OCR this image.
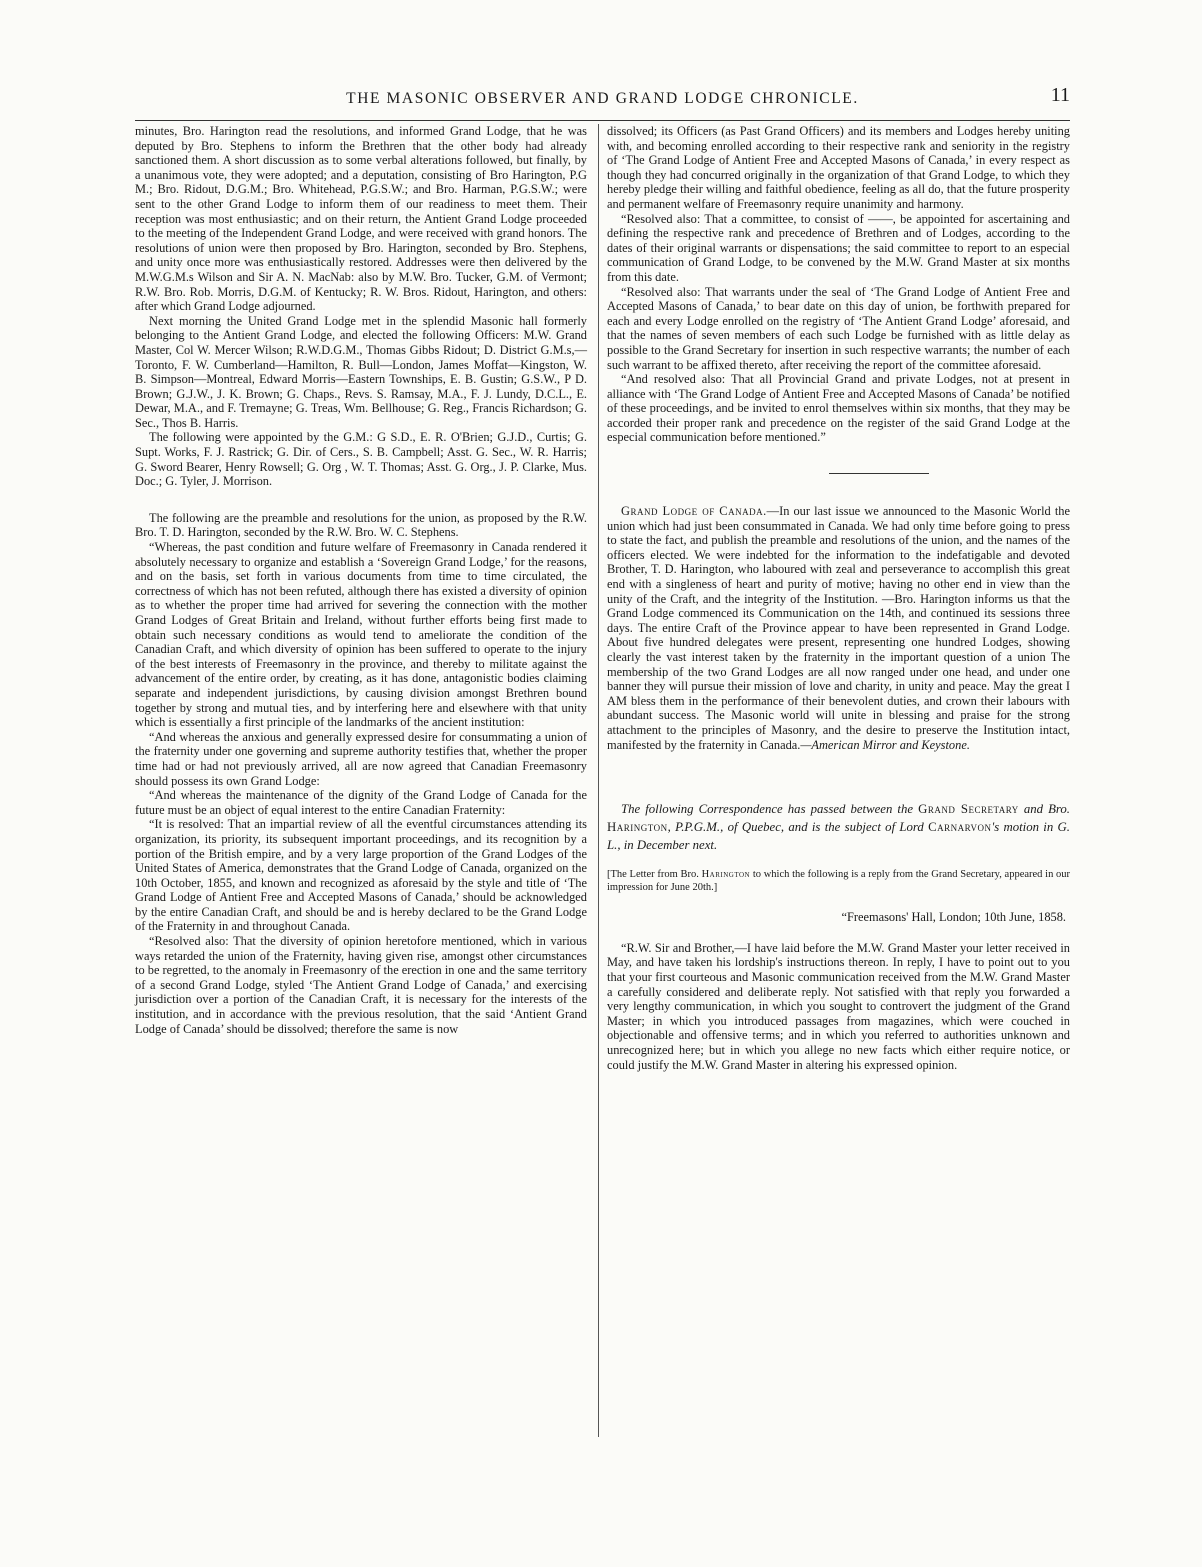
THE MASONIC OBSERVER AND GRAND LODGE CHRONICLE.	11

minutes, Bro. Harington read the resolutions, and informed Grand Lodge, that he was deputed by Bro. Stephens to inform the Brethren that the other body had already sanctioned them. A short discussion as to some verbal alterations followed, but finally, by a unanimous vote, they were adopted; and a deputation, consisting of Bro Harington, P.G M.; Bro. Ridout, D.G.M.; Bro. Whitehead, P.G.S.W.; and Bro. Harman, P.G.S.W.; were sent to the other Grand Lodge to inform them of our readiness to meet them. Their reception was most enthusiastic; and on their return, the Antient Grand Lodge proceeded to the meeting of the Independent Grand Lodge, and were received with grand honors. The resolutions of union were then proposed by Bro. Harington, seconded by Bro. Stephens, and unity once more was enthusiastically restored. Addresses were then delivered by the M.W.G.M.s Wilson and Sir A. N. MacNab: also by M.W. Bro. Tucker, G.M. of Vermont; R.W. Bro. Rob. Morris, D.G.M. of Kentucky; R. W. Bros. Ridout, Harington, and others: after which Grand Lodge adjourned.

Next morning the United Grand Lodge met in the splendid Masonic hall formerly belonging to the Antient Grand Lodge, and elected the following Officers: M.W. Grand Master, Col W. Mercer Wilson; R.W.D.G.M., Thomas Gibbs Ridout; D. District G.M.s,—Toronto, F. W. Cumberland—Hamilton, R. Bull—London, James Moffat—Kingston, W. B. Simpson—Montreal, Edward Morris—Eastern Townships, E. B. Gustin; G.S.W., P D. Brown; G.J.W., J. K. Brown; G. Chaps., Revs. S. Ramsay, M.A., F. J. Lundy, D.C.L., E. Dewar, M.A., and F. Tremayne; G. Treas, Wm. Bellhouse; G. Reg., Francis Richardson; G. Sec., Thos B. Harris.

The following were appointed by the G.M.: G S.D., E. R. O'Brien; G.J.D., Curtis; G. Supt. Works, F. J. Rastrick; G. Dir. of Cers., S. B. Campbell; Asst. G. Sec., W. R. Harris; G. Sword Bearer, Henry Rowsell; G. Org , W. T. Thomas; Asst. G. Org., J. P. Clarke, Mus. Doc.; G. Tyler, J. Morrison.

The following are the preamble and resolutions for the union, as proposed by the R.W. Bro. T. D. Harington, seconded by the R.W. Bro. W. C. Stephens.

“Whereas, the past condition and future welfare of Freemasonry in Canada rendered it absolutely necessary to organize and establish a ‘Sovereign Grand Lodge,’ for the reasons, and on the basis, set forth in various documents from time to time circulated, the correctness of which has not been refuted, although there has existed a diversity of opinion as to whether the proper time had arrived for severing the connection with the mother Grand Lodges of Great Britain and Ireland, without further efforts being first made to obtain such necessary conditions as would tend to ameliorate the condition of the Canadian Craft, and which diversity of opinion has been suffered to operate to the injury of the best interests of Freemasonry in the province, and thereby to militate against the advancement of the entire order, by creating, as it has done, antagonistic bodies claiming separate and independent jurisdictions, by causing division amongst Brethren bound together by strong and mutual ties, and by interfering here and elsewhere with that unity which is essentially a first principle of the landmarks of the ancient institution:

“And whereas the anxious and generally expressed desire for consummating a union of the fraternity under one governing and supreme authority testifies that, whether the proper time had or had not previously arrived, all are now agreed that Canadian Freemasonry should possess its own Grand Lodge:

“And whereas the maintenance of the dignity of the Grand Lodge of Canada for the future must be an object of equal interest to the entire Canadian Fraternity:

“It is resolved: That an impartial review of all the eventful circumstances attending its organization, its priority, its subsequent important proceedings, and its recognition by a portion of the British empire, and by a very large proportion of the Grand Lodges of the United States of America, demonstrates that the Grand Lodge of Canada, organized on the 10th October, 1855, and known and recognized as aforesaid by the style and title of ‘The Grand Lodge of Antient Free and Accepted Masons of Canada,’ should be acknowledged by the entire Canadian Craft, and should be and is hereby declared to be the Grand Lodge of the Fraternity in and throughout Canada.

“Resolved also: That the diversity of opinion heretofore mentioned, which in various ways retarded the union of the Fraternity, having given rise, amongst other circumstances to be regretted, to the anomaly in Freemasonry of the erection in one and the same territory of a second Grand Lodge, styled ‘The Antient Grand Lodge of Canada,’ and exercising jurisdiction over a portion of the Canadian Craft, it is necessary for the interests of the institution, and in accordance with the previous resolution, that the said ‘Antient Grand Lodge of Canada’ should be dissolved; therefore the same is now

dissolved; its Officers (as Past Grand Officers) and its members and Lodges hereby uniting with, and becoming enrolled according to their respective rank and seniority in the registry of ‘The Grand Lodge of Antient Free and Accepted Masons of Canada,’ in every respect as though they had concurred originally in the organization of that Grand Lodge, to which they hereby pledge their willing and faithful obedience, feeling as all do, that the future prosperity and permanent welfare of Freemasonry require unanimity and harmony.

“Resolved also: That a committee, to consist of ——, be appointed for ascertaining and defining the respective rank and precedence of Brethren and of Lodges, according to the dates of their original warrants or dispensations; the said committee to report to an especial communication of Grand Lodge, to be convened by the M.W. Grand Master at six months from this date.

“Resolved also: That warrants under the seal of ‘The Grand Lodge of Antient Free and Accepted Masons of Canada,’ to bear date on this day of union, be forthwith prepared for each and every Lodge enrolled on the registry of ‘The Antient Grand Lodge’ aforesaid, and that the names of seven members of each such Lodge be furnished with as little delay as possible to the Grand Secretary for insertion in such respective warrants; the number of each such warrant to be affixed thereto, after receiving the report of the committee aforesaid.

“And resolved also: That all Provincial Grand and private Lodges, not at present in alliance with ‘The Grand Lodge of Antient Free and Accepted Masons of Canada’ be notified of these proceedings, and be invited to enrol themselves within six months, that they may be accorded their proper rank and precedence on the register of the said Grand Lodge at the especial communication before mentioned.”

Grand Lodge of Canada.—In our last issue we announced to the Masonic World the union which had just been consummated in Canada. We had only time before going to press to state the fact, and publish the preamble and resolutions of the union, and the names of the officers elected. We were indebted for the information to the indefatigable and devoted Brother, T. D. Harington, who laboured with zeal and perseverance to accomplish this great end with a singleness of heart and purity of motive; having no other end in view than the unity of the Craft, and the integrity of the Institution. —Bro. Harington informs us that the Grand Lodge commenced its Communication on the 14th, and continued its sessions three days. The entire Craft of the Province appear to have been represented in Grand Lodge. About five hundred delegates were present, representing one hundred Lodges, showing clearly the vast interest taken by the fraternity in the important question of a union The membership of the two Grand Lodges are all now ranged under one head, and under one banner they will pursue their mission of love and charity, in unity and peace. May the great I AM bless them in the performance of their benevolent duties, and crown their labours with abundant success. The Masonic world will unite in blessing and praise for the strong attachment to the principles of Masonry, and the desire to preserve the Institution intact, manifested by the fraternity in Canada.—American Mirror and Keystone.

The following Correspondence has passed between the Grand Secretary and Bro. Harington, P.P.G.M., of Quebec, and is the subject of Lord Carnarvon's motion in G. L., in December next.

[The Letter from Bro. Harington to which the following is a reply from the Grand Secretary, appeared in our impression for June 20th.]

“Freemasons' Hall, London; 10th June, 1858.

“R.W. Sir and Brother,—I have laid before the M.W. Grand Master your letter received in May, and have taken his lordship's instructions thereon. In reply, I have to point out to you that your first courteous and Masonic communication received from the M.W. Grand Master a carefully considered and deliberate reply. Not satisfied with that reply you forwarded a very lengthy communication, in which you sought to controvert the judgment of the Grand Master; in which you introduced passages from magazines, which were couched in objectionable and offensive terms; and in which you referred to authorities unknown and unrecognized here; but in which you allege no new facts which either require notice, or could justify the M.W. Grand Master in altering his expressed opinion.
